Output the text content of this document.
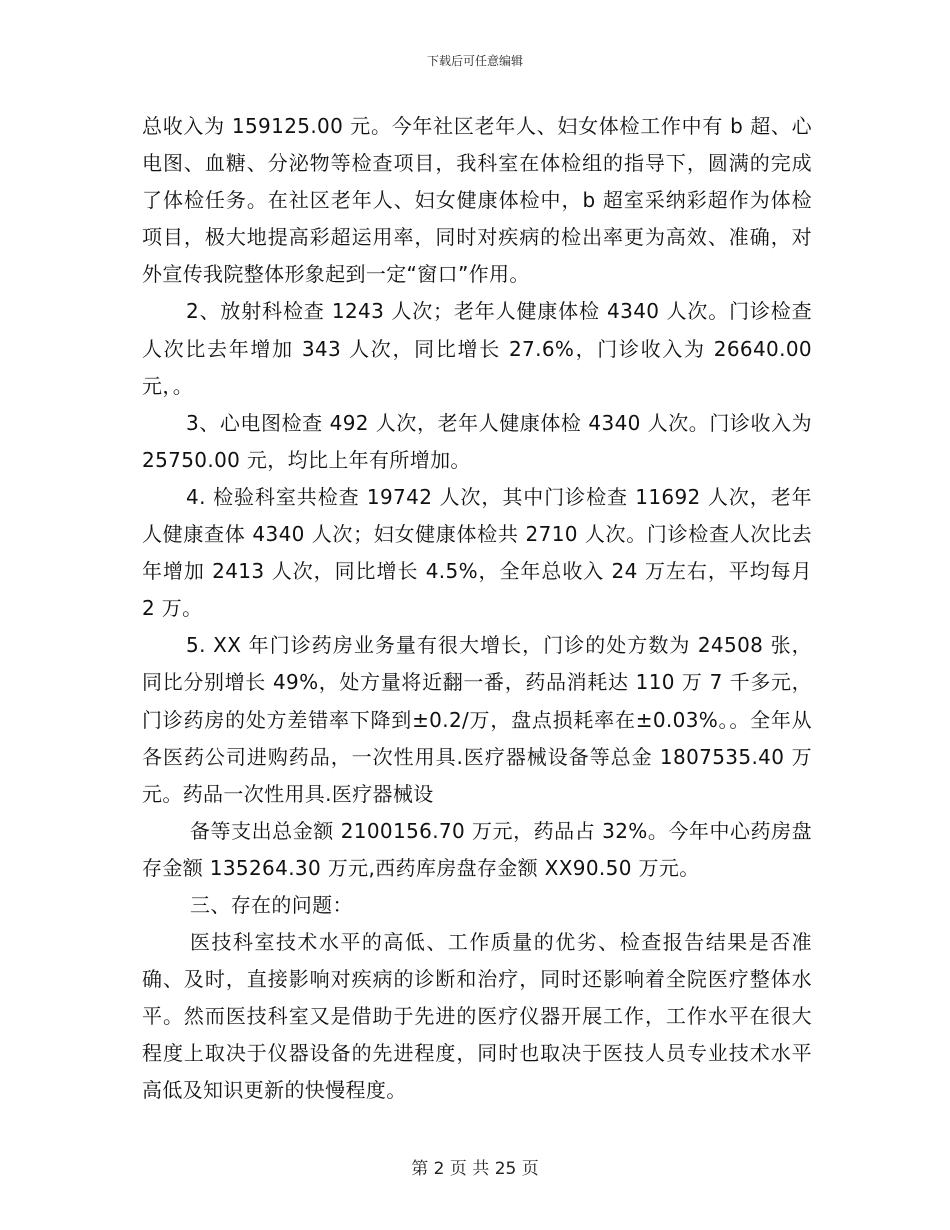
下载后可任意编辑

总收入为 159125.00 元。今年社区老年人、妇女体检工作中有 b 超、心电图、血糖、分泌物等检查项目，我科室在体检组的指导下，圆满的完成了体检任务。在社区老年人、妇女健康体检中，b 超室采纳彩超作为体检项目，极大地提高彩超运用率，同时对疾病的检出率更为高效、准确，对外宣传我院整体形象起到一定“窗口”作用。

2、放射科检查 1243 人次；老年人健康体检 4340 人次。门诊检查人次比去年增加 343 人次，同比增长 27.6%，门诊收入为 26640.00 元，。

3、心电图检查 492 人次，老年人健康体检 4340 人次。门诊收入为 25750.00 元，均比上年有所增加。

4. 检验科室共检查 19742 人次，其中门诊检查 11692 人次，老年人健康查体 4340 人次；妇女健康体检共 2710 人次。门诊检查人次比去年增加 2413 人次，同比增长 4.5%，全年总收入 24 万左右，平均每月 2 万。

5. XX 年门诊药房业务量有很大增长，门诊的处方数为 24508 张，同比分别增长 49%，处方量将近翻一番，药品消耗达 110 万 7 千多元，门诊药房的处方差错率下降到±0.2/万，盘点损耗率在±0.03%。。全年从各医药公司进购药品，一次性用具.医疗器械设备等总金 1807535.40 万元。药品一次性用具.医疗器械设

备等支出总金额 2100156.70 万元，药品占 32%。今年中心药房盘存金额 135264.30 万元,西药库房盘存金额 XX90.50 万元。

三、存在的问题：

医技科室技术水平的高低、工作质量的优劣、检查报告结果是否准确、及时，直接影响对疾病的诊断和治疗，同时还影响着全院医疗整体水平。然而医技科室又是借助于先进的医疗仪器开展工作，工作水平在很大程度上取决于仪器设备的先进程度，同时也取决于医技人员专业技术水平高低及知识更新的快慢程度。

第 2 页 共 25 页
